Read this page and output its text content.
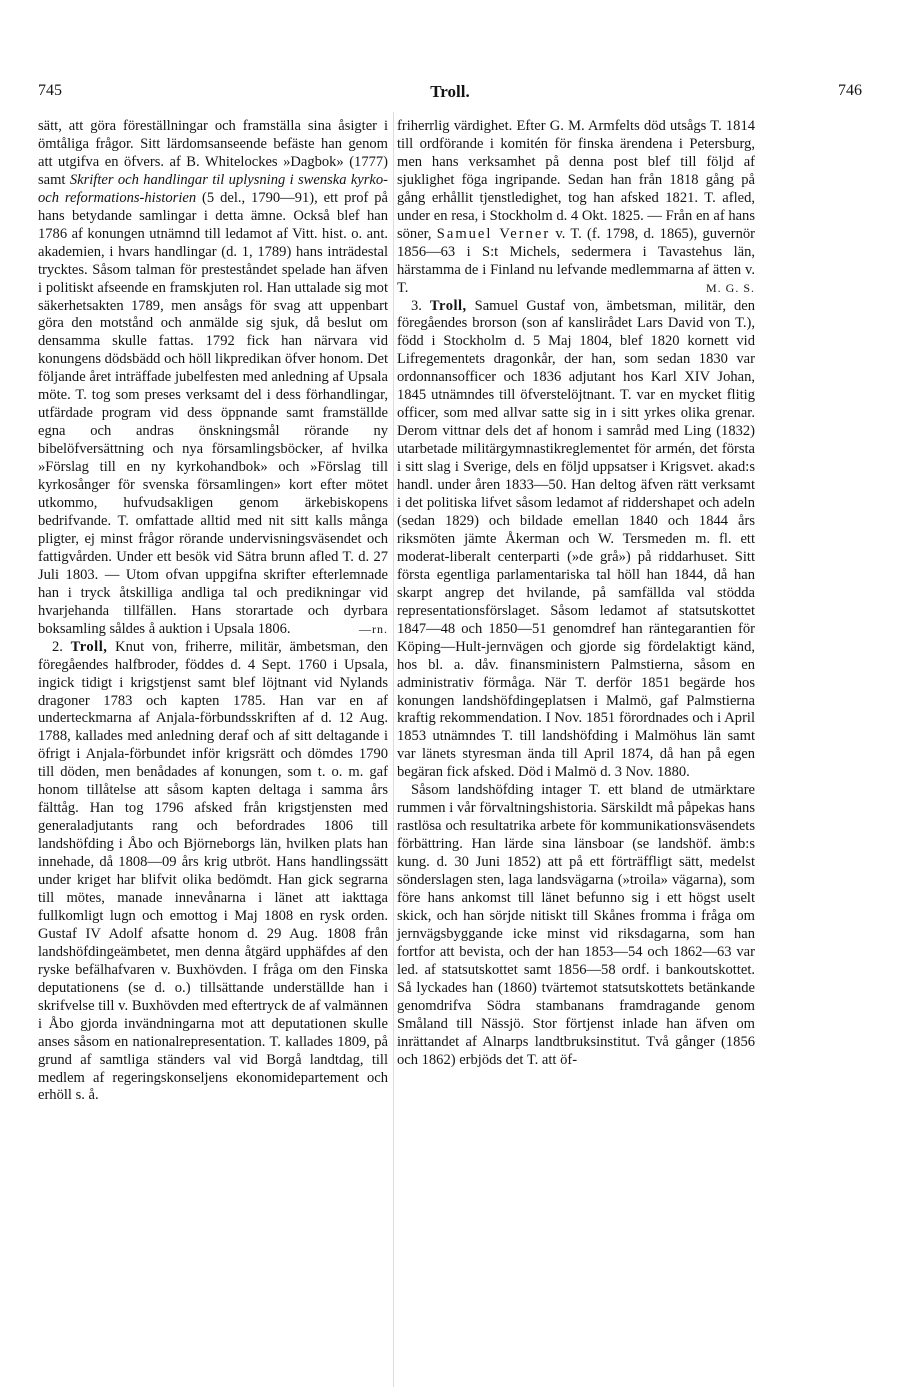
745	Troll.	746

sätt, att göra föreställningar och framställa sina åsigter i ömtåliga frågor. Sitt lärdomsanseende befäste han genom att utgifva en öfvers. af B. Whitelockes »Dagbok» (1777) samt Skrifter och handlingar til uplysning i swenska kyrko- och reformations-historien (5 del., 1790—91), ett prof på hans betydande samlingar i detta ämne. Också blef han 1786 af konungen utnämnd till ledamot af Vitt. hist. o. ant. akademien, i hvars handlingar (d. 1, 1789) hans inträdestal trycktes. Såsom talman för presteståndet spelade han äfven i politiskt afseende en framskjuten rol. Han uttalade sig mot säkerhetsakten 1789, men ansågs för svag att uppenbart göra den motstånd och anmälde sig sjuk, då beslut om densamma skulle fattas. 1792 fick han närvara vid konungens dödsbädd och höll likpredikan öfver honom. Det följande året inträffade jubelfesten med anledning af Upsala möte. T. tog som preses verksamt del i dess förhandlingar, utfärdade program vid dess öppnande samt framställde egna och andras önskningsmål rörande ny bibelöfversättning och nya församlingsböcker, af hvilka »Förslag till en ny kyrkohandbok» och »Förslag till kyrkosånger för svenska församlingen» kort efter mötet utkommo, hufvudsakligen genom ärkebiskopens bedrifvande. T. omfattade alltid med nit sitt kalls många pligter, ej minst frågor rörande undervisningsväsendet och fattigvården. Under ett besök vid Sätra brunn afled T. d. 27 Juli 1803. — Utom ofvan uppgifna skrifter efterlemnade han i tryck åtskilliga andliga tal och predikningar vid hvarjehanda tillfällen. Hans storartade och dyrbara boksamling såldes å auktion i Upsala 1806.	—rn.

2. Troll, Knut von, friherre, militär, ämbetsman, den föregåendes halfbroder, föddes d. 4 Sept. 1760 i Upsala, ingick tidigt i krigstjenst samt blef löjtnant vid Nylands dragoner 1783 och kapten 1785. Han var en af underteckmarna af Anjala-förbundsskriften af d. 12 Aug. 1788, kallades med anledning deraf och af sitt deltagande i öfrigt i Anjala-förbundet inför krigsrätt och dömdes 1790 till döden, men benådades af konungen, som t. o. m. gaf honom tillåtelse att såsom kapten deltaga i samma års fälttåg. Han tog 1796 afsked från krigstjensten med generaladjutants rang och befordrades 1806 till landshöfding i Åbo och Björneborgs län, hvilken plats han innehade, då 1808—09 års krig utbröt. Hans handlingssätt under kriget har blifvit olika bedömdt. Han gick segrarna till mötes, manade innevånarna i länet att iakttaga fullkomligt lugn och emottog i Maj 1808 en rysk orden. Gustaf IV Adolf afsatte honom d. 29 Aug. 1808 från landshöfdingeämbetet, men denna åtgärd upphäfdes af den ryske befälhafvaren v. Buxhövden. I fråga om den Finska deputationens (se d. o.) tillsättande underställde han i skrifvelse till v. Buxhövden med eftertryck de af valmännen i Åbo gjorda invändningarna mot att deputationen skulle anses såsom en nationalrepresentation. T. kallades 1809, på grund af samtliga ständers val vid Borgå landtdag, till medlem af regeringskonseljens ekonomidepartement och erhöll s. å.

friherrlig värdighet. Efter G. M. Armfelts död utsågs T. 1814 till ordförande i komitén för finska ärendena i Petersburg, men hans verksamhet på denna post blef till följd af sjuklighet föga ingripande. Sedan han från 1818 gång på gång erhållit tjenstledighet, tog han afsked 1821. T. afled, under en resa, i Stockholm d. 4 Okt. 1825. — Från en af hans söner, Samuel Verner v. T. (f. 1798, d. 1865), guvernör 1856—63 i S:t Michels, sedermera i Tavastehus län, härstamma de i Finland nu lefvande medlemmarna af ätten v. T.	M. G. S.

3. Troll, Samuel Gustaf von, ämbetsman, militär, den föregåendes brorson (son af kanslirådet Lars David von T.), född i Stockholm d. 5 Maj 1804, blef 1820 kornett vid Lifregementets dragonkår, der han, som sedan 1830 var ordonnansofficer och 1836 adjutant hos Karl XIV Johan, 1845 utnämndes till öfverstelöjtnant. T. var en mycket flitig officer, som med allvar satte sig in i sitt yrkes olika grenar. Derom vittnar dels det af honom i samråd med Ling (1832) utarbetade militärgymnastikreglementet för armén, det första i sitt slag i Sverige, dels en följd uppsatser i Krigsvet. akad:s handl. under åren 1833—50. Han deltog äfven rätt verksamt i det politiska lifvet såsom ledamot af riddershapet och adeln (sedan 1829) och bildade emellan 1840 och 1844 års riksmöten jämte Åkerman och W. Tersmeden m. fl. ett moderat-liberalt centerparti (»de grå») på riddarhuset. Sitt första egentliga parlamentariska tal höll han 1844, då han skarpt angrep det hvilande, på samfällda val stödda representationsförslaget. Såsom ledamot af statsutskottet 1847—48 och 1850—51 genomdref han räntegarantien för Köping—Hult-jernvägen och gjorde sig fördelaktigt känd, hos bl. a. dåv. finansministern Palmstierna, såsom en administrativ förmåga. När T. derför 1851 begärde hos konungen landshöfdingeplatsen i Malmö, gaf Palmstierna kraftig rekommendation. I Nov. 1851 förordnades och i April 1853 utnämndes T. till landshöfding i Malmöhus län samt var länets styresman ända till April 1874, då han på egen begäran fick afsked. Död i Malmö d. 3 Nov. 1880.

Såsom landshöfding intager T. ett bland de utmärktare rummen i vår förvaltningshistoria. Särskildt må påpekas hans rastlösa och resultatrika arbete för kommunikationsväsendets förbättring. Han lärde sina länsboar (se landshöf. ämb:s kung. d. 30 Juni 1852) att på ett förträffligt sätt, medelst sönderslagen sten, laga landsvägarna (»troila» vägarna), som före hans ankomst till länet befunno sig i ett högst uselt skick, och han sörjde nitiskt till Skånes fromma i fråga om jernvägsbyggande icke minst vid riksdagarna, som han fortfor att bevista, och der han 1853—54 och 1862—63 var led. af statsutskottet samt 1856—58 ordf. i bankoutskottet. Så lyckades han (1860) tvärtemot statsutskottets betänkande genomdrifva Södra stambanans framdragande genom Småland till Nässjö. Stor förtjenst inlade han äfven om inrättandet af Alnarps landtbruksinstitut. Två gånger (1856 och 1862) erbjöds det T. att öf-
